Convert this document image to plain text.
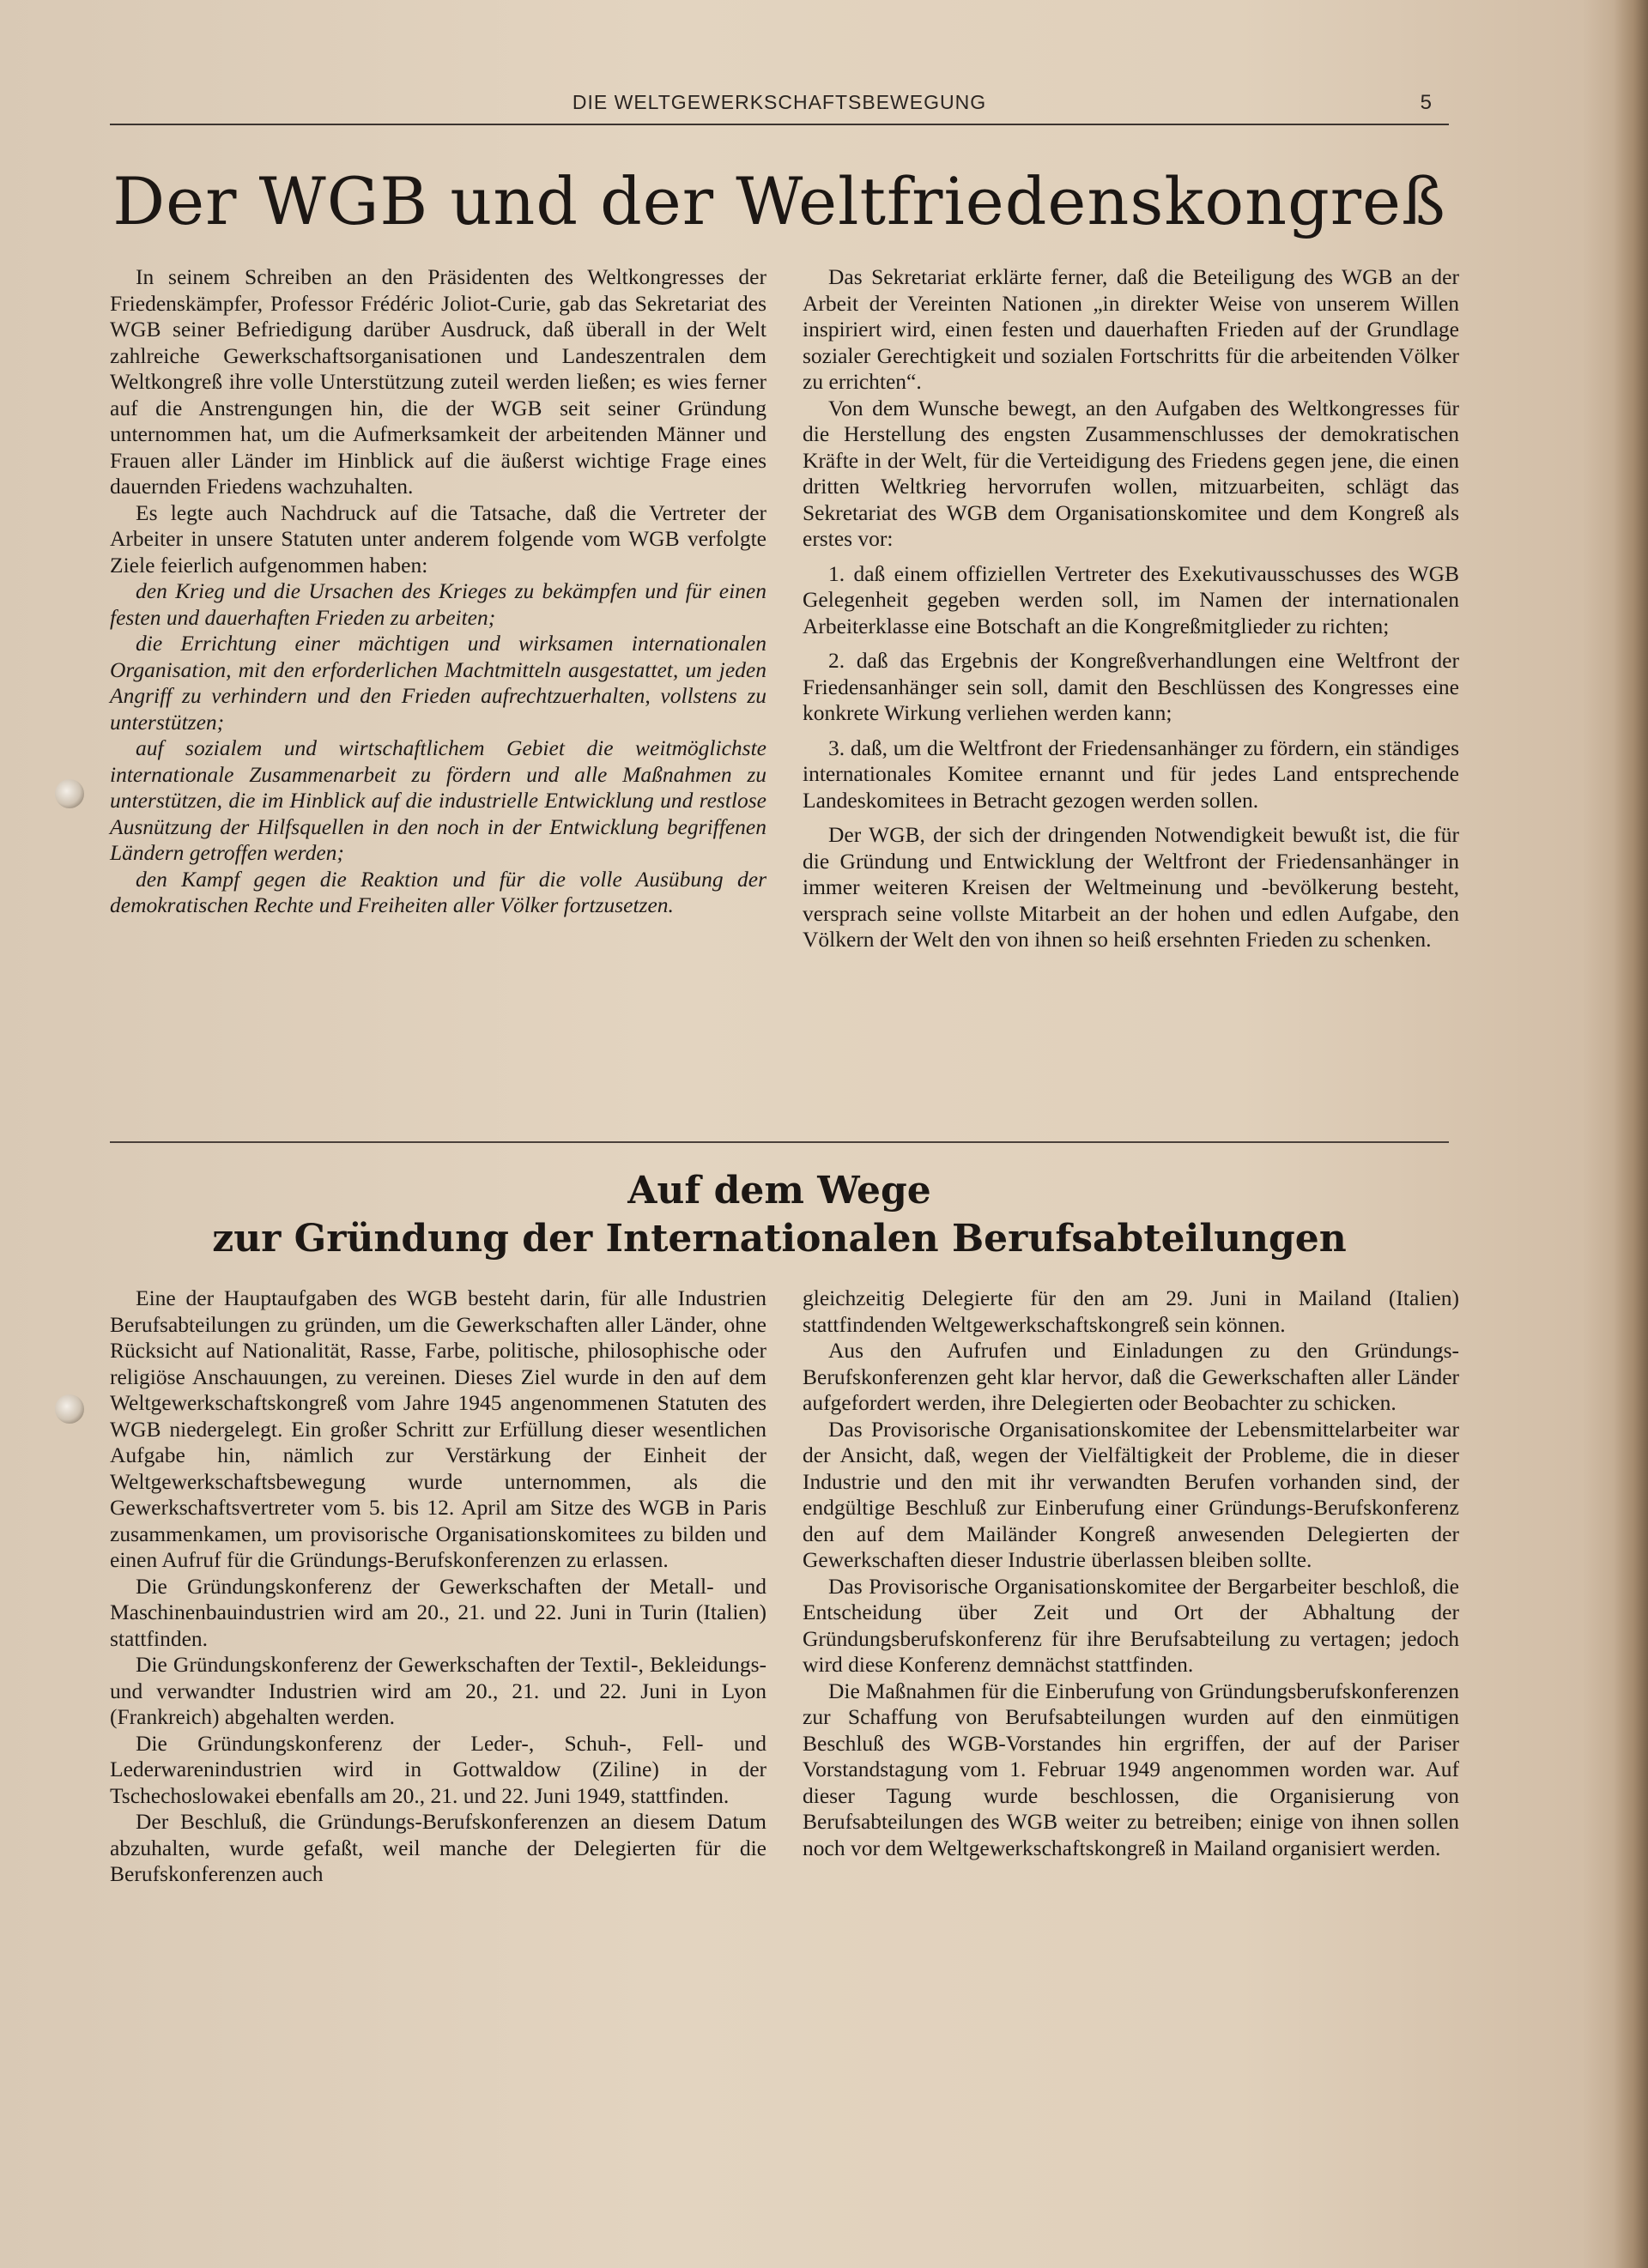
DIE WELTGEWERKSCHAFTSBEWEGUNG	5
Der WGB und der Weltfriedenskongreß

In seinem Schreiben an den Präsidenten des Weltkongresses der Friedenskämpfer, Professor Frédéric Joliot-Curie, gab das Sekretariat des WGB seiner Befriedigung darüber Ausdruck, daß überall in der Welt zahlreiche Gewerkschaftsorganisationen und Landeszentralen dem Weltkongreß ihre volle Unterstützung zuteil werden ließen; es wies ferner auf die Anstrengungen hin, die der WGB seit seiner Gründung unternommen hat, um die Aufmerksamkeit der arbeitenden Männer und Frauen aller Länder im Hinblick auf die äußerst wichtige Frage eines dauernden Friedens wachzuhalten.

Es legte auch Nachdruck auf die Tatsache, daß die Vertreter der Arbeiter in unsere Statuten unter anderem folgende vom WGB verfolgte Ziele feierlich aufgenommen haben:

den Krieg und die Ursachen des Krieges zu bekämpfen und für einen festen und dauerhaften Frieden zu arbeiten;

die Errichtung einer mächtigen und wirksamen internationalen Organisation, mit den erforderlichen Machtmitteln ausgestattet, um jeden Angriff zu verhindern und den Frieden aufrechtzuerhalten, vollstens zu unterstützen;

auf sozialem und wirtschaftlichem Gebiet die weitmöglichste internationale Zusammenarbeit zu fördern und alle Maßnahmen zu unterstützen, die im Hinblick auf die industrielle Entwicklung und restlose Ausnützung der Hilfsquellen in den noch in der Entwicklung begriffenen Ländern getroffen werden;

den Kampf gegen die Reaktion und für die volle Ausübung der demokratischen Rechte und Freiheiten aller Völker fortzusetzen.

Das Sekretariat erklärte ferner, daß die Beteiligung des WGB an der Arbeit der Vereinten Nationen „in direkter Weise von unserem Willen inspiriert wird, einen festen und dauerhaften Frieden auf der Grundlage sozialer Gerechtigkeit und sozialen Fortschritts für die arbeitenden Völker zu errichten“.

Von dem Wunsche bewegt, an den Aufgaben des Weltkongresses für die Herstellung des engsten Zusammenschlusses der demokratischen Kräfte in der Welt, für die Verteidigung des Friedens gegen jene, die einen dritten Weltkrieg hervorrufen wollen, mitzuarbeiten, schlägt das Sekretariat des WGB dem Organisationskomitee und dem Kongreß als erstes vor:

1. daß einem offiziellen Vertreter des Exekutivausschusses des WGB Gelegenheit gegeben werden soll, im Namen der internationalen Arbeiterklasse eine Botschaft an die Kongreßmitglieder zu richten;

2. daß das Ergebnis der Kongreßverhandlungen eine Weltfront der Friedensanhänger sein soll, damit den Beschlüssen des Kongresses eine konkrete Wirkung verliehen werden kann;

3. daß, um die Weltfront der Friedensanhänger zu fördern, ein ständiges internationales Komitee ernannt und für jedes Land entsprechende Landeskomitees in Betracht gezogen werden sollen.

Der WGB, der sich der dringenden Notwendigkeit bewußt ist, die für die Gründung und Entwicklung der Weltfront der Friedensanhänger in immer weiteren Kreisen der Weltmeinung und -bevölkerung besteht, versprach seine vollste Mitarbeit an der hohen und edlen Aufgabe, den Völkern der Welt den von ihnen so heiß ersehnten Frieden zu schenken.

Auf dem Wege
zur Gründung der Internationalen Berufsabteilungen

Eine der Hauptaufgaben des WGB besteht darin, für alle Industrien Berufsabteilungen zu gründen, um die Gewerkschaften aller Länder, ohne Rücksicht auf Nationalität, Rasse, Farbe, politische, philosophische oder religiöse Anschauungen, zu vereinen. Dieses Ziel wurde in den auf dem Weltgewerkschaftskongreß vom Jahre 1945 angenommenen Statuten des WGB niedergelegt. Ein großer Schritt zur Erfüllung dieser wesentlichen Aufgabe hin, nämlich zur Verstärkung der Einheit der Weltgewerkschaftsbewegung wurde unternommen, als die Gewerkschaftsvertreter vom 5. bis 12. April am Sitze des WGB in Paris zusammenkamen, um provisorische Organisationskomitees zu bilden und einen Aufruf für die Gründungs-Berufskonferenzen zu erlassen.

Die Gründungskonferenz der Gewerkschaften der Metall- und Maschinenbauindustrien wird am 20., 21. und 22. Juni in Turin (Italien) stattfinden.

Die Gründungskonferenz der Gewerkschaften der Textil-, Bekleidungs- und verwandter Industrien wird am 20., 21. und 22. Juni in Lyon (Frankreich) abgehalten werden.

Die Gründungskonferenz der Leder-, Schuh-, Fell- und Lederwarenindustrien wird in Gottwaldow (Ziline) in der Tschechoslowakei ebenfalls am 20., 21. und 22. Juni 1949, stattfinden.

Der Beschluß, die Gründungs-Berufskonferenzen an diesem Datum abzuhalten, wurde gefaßt, weil manche der Delegierten für die Berufskonferenzen auch

gleichzeitig Delegierte für den am 29. Juni in Mailand (Italien) stattfindenden Weltgewerkschaftskongreß sein können.

Aus den Aufrufen und Einladungen zu den Gründungs-Berufskonferenzen geht klar hervor, daß die Gewerkschaften aller Länder aufgefordert werden, ihre Delegierten oder Beobachter zu schicken.

Das Provisorische Organisationskomitee der Lebensmittelarbeiter war der Ansicht, daß, wegen der Vielfältigkeit der Probleme, die in dieser Industrie und den mit ihr verwandten Berufen vorhanden sind, der endgültige Beschluß zur Einberufung einer Gründungs-Berufskonferenz den auf dem Mailänder Kongreß anwesenden Delegierten der Gewerkschaften dieser Industrie überlassen bleiben sollte.

Das Provisorische Organisationskomitee der Bergarbeiter beschloß, die Entscheidung über Zeit und Ort der Abhaltung der Gründungsberufskonferenz für ihre Berufsabteilung zu vertagen; jedoch wird diese Konferenz demnächst stattfinden.

Die Maßnahmen für die Einberufung von Gründungsberufskonferenzen zur Schaffung von Berufsabteilungen wurden auf den einmütigen Beschluß des WGB-Vorstandes hin ergriffen, der auf der Pariser Vorstandstagung vom 1. Februar 1949 angenommen worden war. Auf dieser Tagung wurde beschlossen, die Organisierung von Berufsabteilungen des WGB weiter zu betreiben; einige von ihnen sollen noch vor dem Weltgewerkschaftskongreß in Mailand organisiert werden.
